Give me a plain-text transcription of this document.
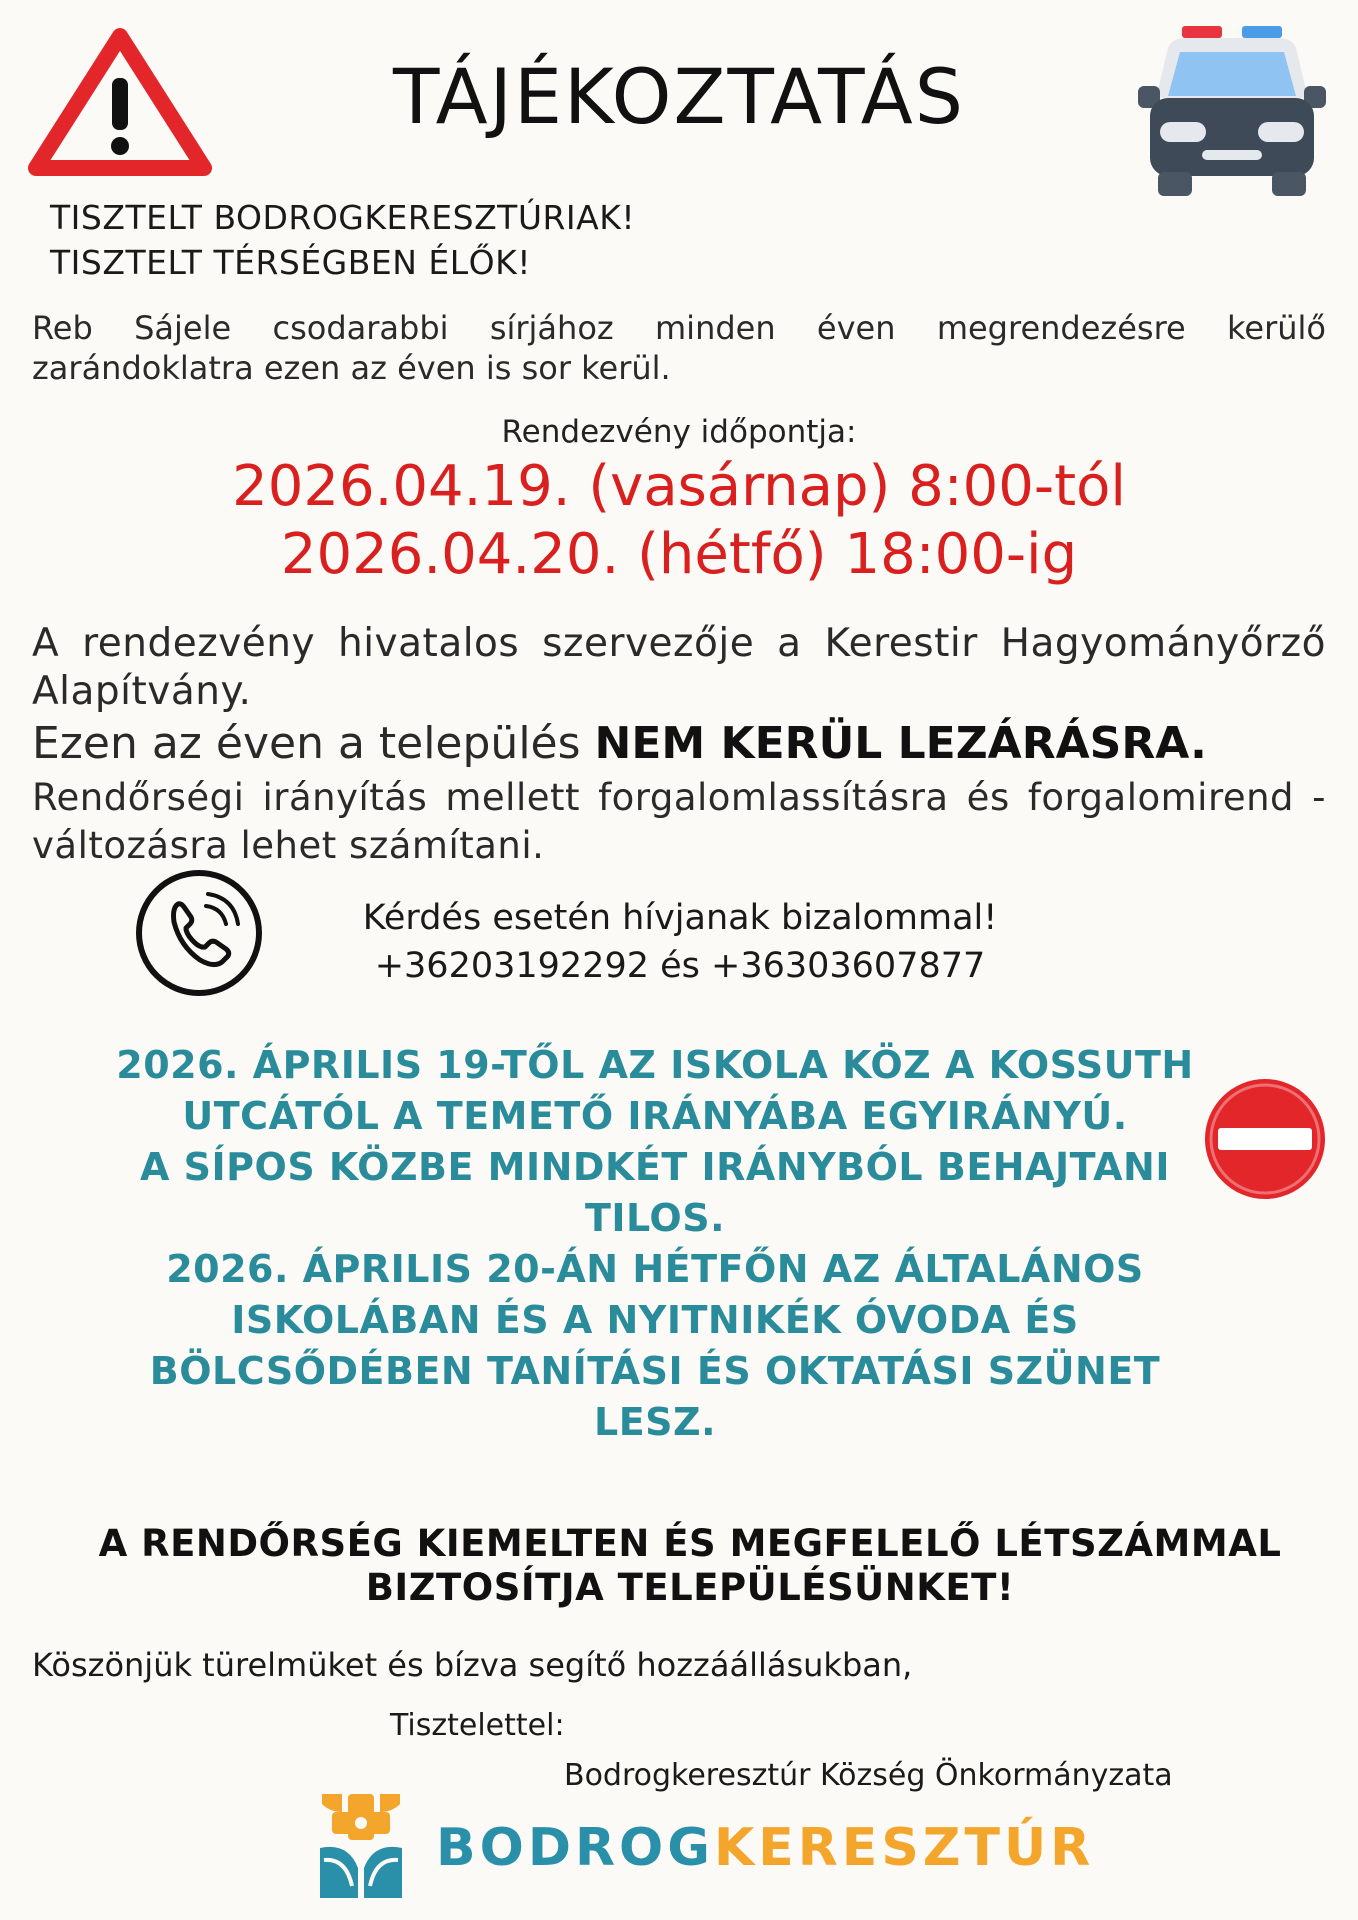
TÁJÉKOZTATÁS
TISZTELT BODROGKERESZTÚRIAK!
TISZTELT TÉRSÉGBEN ÉLŐK!
Reb Sájele csodarabbi sírjához minden éven megrendezésre kerülő zarándoklatra ezen az éven is sor kerül.
Rendezvény időpontja:
2026.04.19. (vasárnap) 8:00-tól
2026.04.20. (hétfő) 18:00-ig
A rendezvény hivatalos szervezője a Kerestir Hagyományőrző Alapítvány.
Ezen az éven a település NEM KERÜL LEZÁRÁSRA.
Rendőrségi irányítás mellett forgalomlassításra és forgalomirend -változásra lehet számítani.
Kérdés esetén hívjanak bizalommal!
+36203192292 és +36303607877
2026. ÁPRILIS 19-TŐL AZ ISKOLA KÖZ A KOSSUTH
UTCÁTÓL A TEMETŐ IRÁNYÁBA EGYIRÁNYÚ.
A SÍPOS KÖZBE MINDKÉT IRÁNYBÓL BEHAJTANI
TILOS.
2026. ÁPRILIS 20-ÁN HÉTFŐN AZ ÁLTALÁNOS
ISKOLÁBAN ÉS A NYITNIKÉK ÓVODA ÉS
BÖLCSŐDÉBEN TANÍTÁSI ÉS OKTATÁSI SZÜNET
LESZ.
A RENDŐRSÉG KIEMELTEN ÉS MEGFELELŐ LÉTSZÁMMAL
BIZTOSÍTJA TELEPÜLÉSÜNKET!
Köszönjük türelmüket és bízva segítő hozzáállásukban,
Tisztelettel:
Bodrogkeresztúr Község Önkormányzata
BODROGKERESZTÚR
